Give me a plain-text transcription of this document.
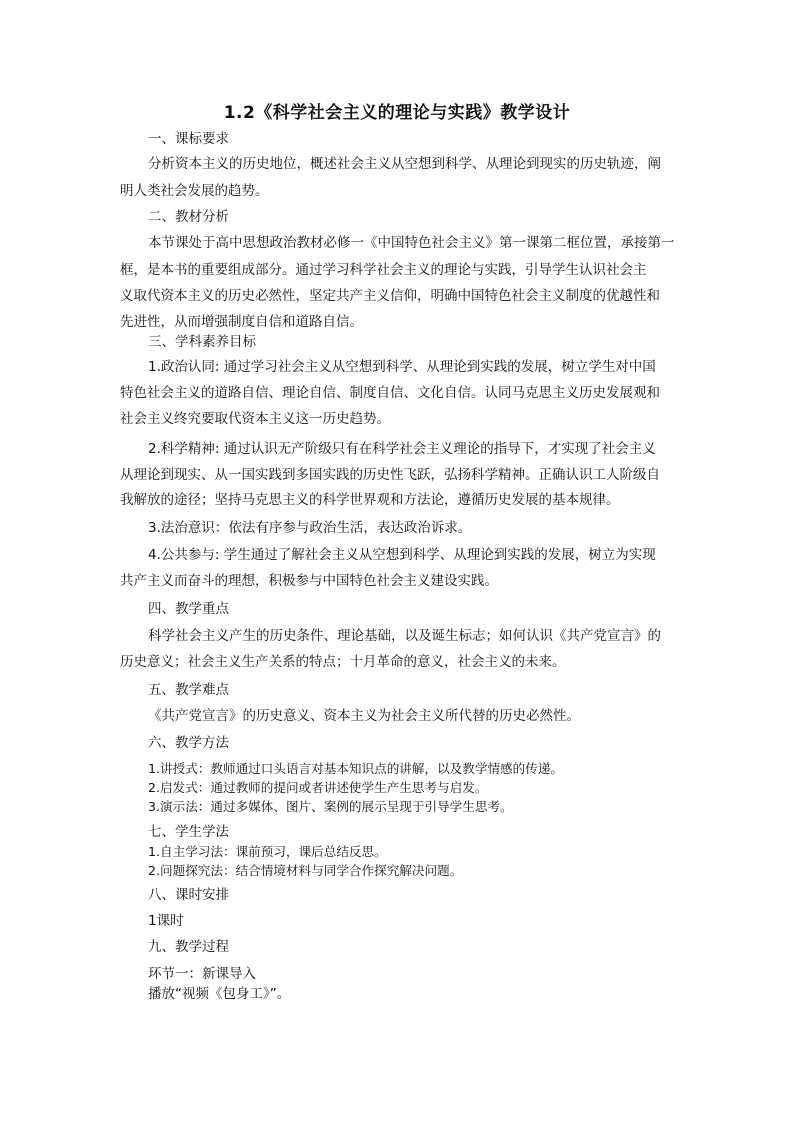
1.2《科学社会主义的理论与实践》教学设计
一、课标要求
分析资本主义的历史地位，概述社会主义从空想到科学、从理论到现实的历史轨迹，阐
明人类社会发展的趋势。
二、教材分析
本节课处于高中思想政治教材必修一《中国特色社会主义》第一课第二框位置，承接第一
框，是本书的重要组成部分。通过学习科学社会主义的理论与实践，引导学生认识社会主
义取代资本主义的历史必然性，坚定共产主义信仰，明确中国特色社会主义制度的优越性和
先进性，从而增强制度自信和道路自信。
三、学科素养目标
1.政治认同: 通过学习社会主义从空想到科学、从理论到实践的发展，树立学生对中国
特色社会主义的道路自信、理论自信、制度自信、文化自信。认同马克思主义历史发展观和
社会主义终究要取代资本主义这一历史趋势。
2.科学精神: 通过认识无产阶级只有在科学社会主义理论的指导下，才实现了社会主义
从理论到现实、从一国实践到多国实践的历史性飞跃，弘扬科学精神。正确认识工人阶级自
我解放的途径；坚持马克思主义的科学世界观和方法论，遵循历史发展的基本规律。
3.法治意识：依法有序参与政治生活，表达政治诉求。
4.公共参与: 学生通过了解社会主义从空想到科学、从理论到实践的发展，树立为实现
共产主义而奋斗的理想，积极参与中国特色社会主义建设实践。
四、教学重点
科学社会主义产生的历史条件、理论基础，以及诞生标志；如何认识《共产党宣言》的
历史意义；社会主义生产关系的特点；十月革命的意义，社会主义的未来。
五、教学难点
《共产党宣言》的历史意义、资本主义为社会主义所代替的历史必然性。
六、教学方法
1.讲授式：教师通过口头语言对基本知识点的讲解，以及教学情感的传递。
2.启发式：通过教师的提问或者讲述使学生产生思考与启发。
3.演示法：通过多媒体、图片、案例的展示呈现于引导学生思考。
七、学生学法
1.自主学习法：课前预习，课后总结反思。
2.问题探究法：结合情境材料与同学合作探究解决问题。
八、课时安排
1课时
九、教学过程
环节一：新课导入
播放“视频《包身工》”。
